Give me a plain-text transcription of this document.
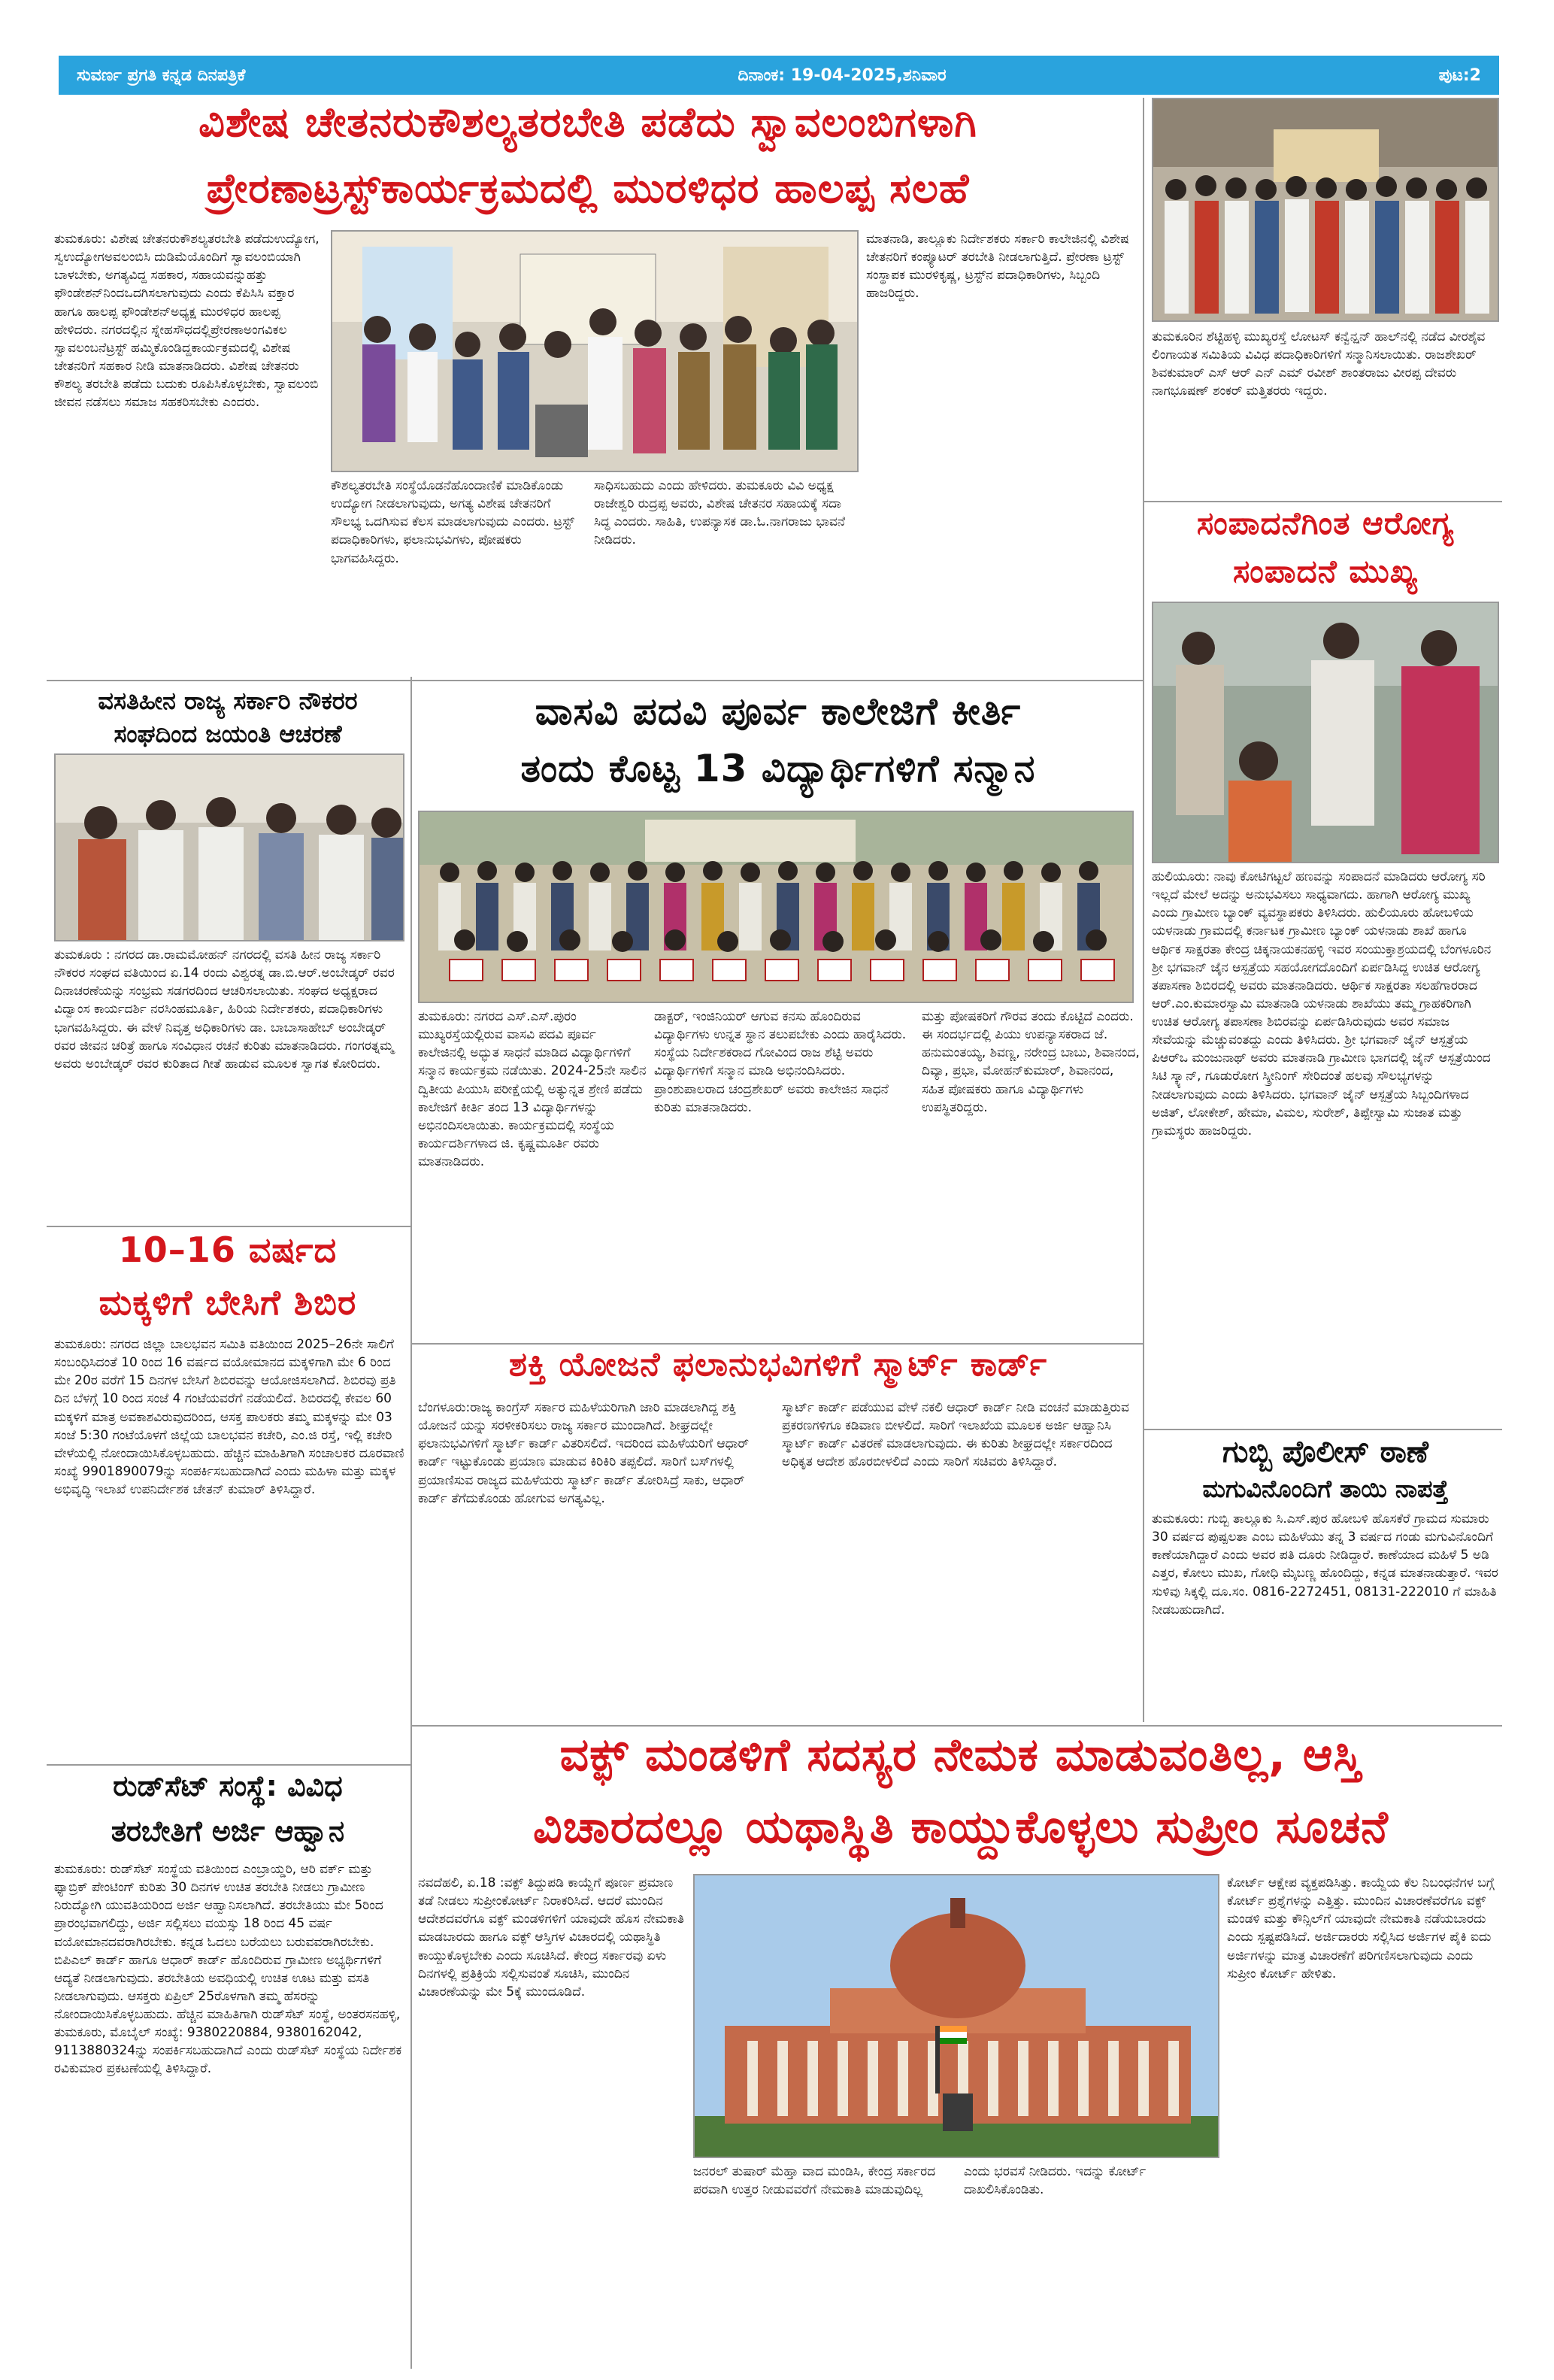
ಸುವರ್ಣ ಪ್ರಗತಿ ಕನ್ನಡ ದಿನಪತ್ರಿಕೆ	ದಿನಾಂಕ: 19-04-2025,ಶನಿವಾರ	ಪುಟ:2
ವಿಶೇಷ ಚೇತನರುಕೌಶಲ್ಯತರಬೇತಿ ಪಡೆದು ಸ್ವಾವಲಂಬಿಗಳಾಗಿ
ಪ್ರೇರಣಾಟ್ರಸ್ಟ್‌ಕಾರ್ಯಕ್ರಮದಲ್ಲಿ ಮುರಳಿಧರ ಹಾಲಪ್ಪ ಸಲಹೆ
ತುಮಕೂರು: ವಿಶೇಷ ಚೇತನರುಕೌಶಲ್ಯತರಬೇತಿ ಪಡೆದುಉದ್ಯೋಗ, ಸ್ವಉದ್ಯೋಗಅವಲಂಬಿಸಿ ದುಡಿಮೆಯೊಂದಿಗೆ ಸ್ವಾವಲಂಬಿಯಾಗಿ ಬಾಳಬೇಕು, ಅಗತ್ಯವಿದ್ದ ಸಹಕಾರ, ಸಹಾಯವನ್ನುಹತ್ತು ಫೌಂಡೇಶನ್‌ನಿಂದಒದಗಿಸಲಾಗುವುದು ಎಂದು ಕೆಪಿಸಿಸಿ ವಕ್ತಾರ ಹಾಗೂ ಹಾಲಪ್ಪ ಫೌಂಡೇಶನ್‌ಅಧ್ಯಕ್ಷ ಮುರಳಿಧರ ಹಾಲಪ್ಪ ಹೇಳಿದರು. ನಗರದಲ್ಲಿನ ಸ್ನೇಹಸೌಧದಲ್ಲಿಪ್ರೇರಣಾಅಂಗವಿಕಲ ಸ್ವಾವಲಂಬನೆಟ್ರಸ್ಟ್‌ ಹಮ್ಮಿಕೊಂಡಿದ್ದಕಾರ್ಯಕ್ರಮದಲ್ಲಿ ವಿಶೇಷ ಚೇತನರಿಗೆ ಸಹಕಾರ ನೀಡಿ ಮಾತನಾಡಿದರು. ವಿಶೇಷ ಚೇತನರು ಕೌಶಲ್ಯ ತರಬೇತಿ ಪಡೆದು ಬದುಕು ರೂಪಿಸಿಕೊಳ್ಳಬೇಕು, ಸ್ವಾವಲಂಬಿ ಜೀವನ ನಡೆಸಲು ಸಮಾಜ ಸಹಕರಿಸಬೇಕು ಎಂದರು.
ಕೌಶಲ್ಯತರಬೇತಿ ಸಂಸ್ಥೆಯೊಡನೆಹೊಂದಾಣಿಕೆ ಮಾಡಿಕೊಂಡು ಉದ್ಯೋಗ ನೀಡಲಾಗುವುದು, ಅಗತ್ಯ ವಿಶೇಷ ಚೇತನರಿಗೆ ಸೌಲಭ್ಯ ಒದಗಿಸುವ ಕೆಲಸ ಮಾಡಲಾಗುವುದು ಎಂದರು. ಟ್ರಸ್ಟ್‌ ಪದಾಧಿಕಾರಿಗಳು, ಫಲಾನುಭವಿಗಳು, ಪೋಷಕರು ಭಾಗವಹಿಸಿದ್ದರು.
ಸಾಧಿಸಬಹುದು ಎಂದು ಹೇಳಿದರು. ತುಮಕೂರು ವಿವಿ ಅಧ್ಯಕ್ಷ ರಾಜೇಶ್ವರಿ ರುದ್ರಪ್ಪ ಅವರು, ವಿಶೇಷ ಚೇತನರ ಸಹಾಯಕ್ಕೆ ಸದಾ ಸಿದ್ಧ ಎಂದರು. ಸಾಹಿತಿ, ಉಪನ್ಯಾಸಕ ಡಾ.ಓ.ನಾಗರಾಜು ಭಾವನೆ ನೀಡಿದರು.
ಮಾತನಾಡಿ, ತಾಲ್ಲೂಕು ನಿರ್ದೇಶಕರು ಸರ್ಕಾರಿ ಕಾಲೇಜಿನಲ್ಲಿ ವಿಶೇಷ ಚೇತನರಿಗೆ ಕಂಪ್ಯೂಟರ್ ತರಬೇತಿ ನೀಡಲಾಗುತ್ತಿದೆ. ಪ್ರೇರಣಾ ಟ್ರಸ್ಟ್ ಸಂಸ್ಥಾಪಕ ಮುರಳಿಕೃಷ್ಣ, ಟ್ರಸ್ಟ್‌ನ ಪದಾಧಿಕಾರಿಗಳು, ಸಿಬ್ಬಂದಿ ಹಾಜರಿದ್ದರು.
ತುಮಕೂರಿನ ಶೆಟ್ಟಿಹಳ್ಳಿ ಮುಖ್ಯರಸ್ತೆ ಲೋಟಸ್ ಕನ್ವೆನ್ಷನ್ ಹಾಲ್‌ನಲ್ಲಿ ನಡೆದ ವೀರಶೈವ ಲಿಂಗಾಯತ ಸಮಿತಿಯ ವಿವಿಧ ಪದಾಧಿಕಾರಿಗಳಿಗೆ ಸನ್ಮಾನಿಸಲಾಯಿತು. ರಾಜಶೇಖರ್ ಶಿವಕುಮಾರ್ ಎಸ್ ಆರ್ ಎನ್ ಎಮ್ ರವೀಶ್ ಶಾಂತರಾಜು ವೀರಪ್ಪ ದೇವರು ನಾಗಭೂಷಣ್ ಶಂಕರ್ ಮತ್ತಿತರರು ಇದ್ದರು.
ಸಂಪಾದನೆಗಿಂತ ಆರೋಗ್ಯ
ಸಂಪಾದನೆ ಮುಖ್ಯ
ಹುಲಿಯೂರು: ನಾವು ಕೋಟಿಗಟ್ಟಲೆ ಹಣವನ್ನು ಸಂಪಾದನೆ ಮಾಡಿದರು ಆರೋಗ್ಯ ಸರಿ ಇಲ್ಲದೆ ಮೇಲೆ ಅದನ್ನು ಅನುಭವಿಸಲು ಸಾಧ್ಯವಾಗದು. ಹಾಗಾಗಿ ಆರೋಗ್ಯ ಮುಖ್ಯ ಎಂದು ಗ್ರಾಮೀಣ ಬ್ಯಾಂಕ್ ವ್ಯವಸ್ಥಾಪಕರು ತಿಳಿಸಿದರು. ಹುಲಿಯೂರು ಹೋಬಳಿಯ ಯಳನಾಡು ಗ್ರಾಮದಲ್ಲಿ ಕರ್ನಾಟಕ ಗ್ರಾಮೀಣ ಬ್ಯಾಂಕ್ ಯಳನಾಡು ಶಾಖೆ ಹಾಗೂ ಆರ್ಥಿಕ ಸಾಕ್ಷರತಾ ಕೇಂದ್ರ ಚಿಕ್ಕನಾಯಕನಹಳ್ಳಿ ಇವರ ಸಂಯುಕ್ತಾಶ್ರಯದಲ್ಲಿ ಬೆಂಗಳೂರಿನ ಶ್ರೀ ಭಗವಾನ್ ಜೈನ ಆಸ್ಪತ್ರೆಯ ಸಹಯೋಗದೊಂದಿಗೆ ಏರ್ಪಡಿಸಿದ್ದ ಉಚಿತ ಆರೋಗ್ಯ ತಪಾಸಣಾ ಶಿಬಿರದಲ್ಲಿ ಅವರು ಮಾತನಾಡಿದರು. ಆರ್ಥಿಕ ಸಾಕ್ಷರತಾ ಸಲಹೆಗಾರರಾದ ಆರ್.ಎಂ.ಕುಮಾರಸ್ವಾಮಿ ಮಾತನಾಡಿ ಯಳನಾಡು ಶಾಖೆಯು ತಮ್ಮ ಗ್ರಾಹಕರಿಗಾಗಿ ಉಚಿತ ಆರೋಗ್ಯ ತಪಾಸಣಾ ಶಿಬಿರವನ್ನು ಏರ್ಪಡಿಸಿರುವುದು ಅವರ ಸಮಾಜ ಸೇವೆಯನ್ನು ಮೆಚ್ಚುವಂತದ್ದು ಎಂದು ತಿಳಿಸಿದರು. ಶ್ರೀ ಭಗವಾನ್ ಜೈನ್ ಆಸ್ಪತ್ರೆಯ ಪಿಆರ್‌ಒ ಮಂಜುನಾಥ್ ಅವರು ಮಾತನಾಡಿ ಗ್ರಾಮೀಣ ಭಾಗದಲ್ಲಿ ಜೈನ್ ಆಸ್ಪತ್ರೆಯಿಂದ ಸಿಟಿ ಸ್ಕ್ಯಾನ್, ಗೂಡುರೋಗ ಸ್ಕ್ರೀನಿಂಗ್ ಸೇರಿದಂತೆ ಹಲವು ಸೌಲಭ್ಯಗಳನ್ನು ನೀಡಲಾಗುವುದು ಎಂದು ತಿಳಿಸಿದರು. ಭಗವಾನ್ ಜೈನ್ ಆಸ್ಪತ್ರೆಯ ಸಿಬ್ಬಂದಿಗಳಾದ ಅಜಿತ್, ಲೋಕೇಶ್, ಹೇಮಾ, ವಿಮಲ, ಸುರೇಶ್, ತಿಪ್ಪೇಸ್ವಾಮಿ ಸುಜಾತ ಮತ್ತು ಗ್ರಾಮಸ್ಥರು ಹಾಜರಿದ್ದರು.
ಗುಬ್ಬಿ ಪೊಲೀಸ್ ಠಾಣೆ
ಮಗುವಿನೊಂದಿಗೆ ತಾಯಿ ನಾಪತ್ತೆ
ತುಮಕೂರು: ಗುಬ್ಬಿ ತಾಲ್ಲೂಕು ಸಿ.ಎಸ್.ಪುರ ಹೋಬಳಿ ಹೊಸಕೆರೆ ಗ್ರಾಮದ ಸುಮಾರು 30 ವರ್ಷದ ಪುಷ್ಪಲತಾ ಎಂಬ ಮಹಿಳೆಯು ತನ್ನ 3 ವರ್ಷದ ಗಂಡು ಮಗುವಿನೊಂದಿಗೆ ಕಾಣೆಯಾಗಿದ್ದಾರೆ ಎಂದು ಅವರ ಪತಿ ದೂರು ನೀಡಿದ್ದಾರೆ. ಕಾಣೆಯಾದ ಮಹಿಳೆ 5 ಅಡಿ ಎತ್ತರ, ಕೋಲು ಮುಖ, ಗೋಧಿ ಮೈಬಣ್ಣ ಹೊಂದಿದ್ದು, ಕನ್ನಡ ಮಾತನಾಡುತ್ತಾರೆ. ಇವರ ಸುಳಿವು ಸಿಕ್ಕಲ್ಲಿ ದೂ.ಸಂ. 0816-2272451, 08131-222010 ಗೆ ಮಾಹಿತಿ ನೀಡಬಹುದಾಗಿದೆ.
ವಸತಿಹೀನ ರಾಜ್ಯ ಸರ್ಕಾರಿ ನೌಕರರ
ಸಂಘದಿಂದ ಜಯಂತಿ ಆಚರಣೆ
ತುಮಕೂರು : ನಗರದ ಡಾ.ರಾಮಮೋಹನ್ ನಗರದಲ್ಲಿ ವಸತಿ ಹೀನ ರಾಜ್ಯ ಸರ್ಕಾರಿ ನೌಕರರ ಸಂಘದ ವತಿಯಿಂದ ಏ.14 ರಂದು ವಿಶ್ವರತ್ನ ಡಾ.ಬಿ.ಆರ್.ಅಂಬೇಡ್ಕರ್ ರವರ ದಿನಾಚರಣೆಯನ್ನು ಸಂಭ್ರಮ ಸಡಗರದಿಂದ ಆಚರಿಸಲಾಯಿತು. ಸಂಘದ ಅಧ್ಯಕ್ಷರಾದ ವಿದ್ವಾಂಸ ಕಾರ್ಯದರ್ಶಿ ನರಸಿಂಹಮೂರ್ತಿ, ಹಿರಿಯ ನಿರ್ದೇಶಕರು, ಪದಾಧಿಕಾರಿಗಳು ಭಾಗವಹಿಸಿದ್ದರು. ಈ ವೇಳೆ ನಿವೃತ್ತ ಅಧಿಕಾರಿಗಳು ಡಾ. ಬಾಬಾಸಾಹೇಬ್ ಅಂಬೇಡ್ಕರ್ ರವರ ಜೀವನ ಚರಿತ್ರೆ ಹಾಗೂ ಸಂವಿಧಾನ ರಚನೆ ಕುರಿತು ಮಾತನಾಡಿದರು. ಗಂಗರತ್ನಮ್ಮ ಅವರು ಅಂಬೇಡ್ಕರ್ ರವರ ಕುರಿತಾದ ಗೀತೆ ಹಾಡುವ ಮೂಲಕ ಸ್ವಾಗತ ಕೋರಿದರು.
ವಾಸವಿ ಪದವಿ ಪೂರ್ವ ಕಾಲೇಜಿಗೆ ಕೀರ್ತಿ
ತಂದು ಕೊಟ್ಟ 13 ವಿದ್ಯಾರ್ಥಿಗಳಿಗೆ ಸನ್ಮಾನ
ತುಮಕೂರು: ನಗರದ ಎಸ್.ಎಸ್.ಪುರಂ ಮುಖ್ಯರಸ್ತೆಯಲ್ಲಿರುವ ವಾಸವಿ ಪದವಿ ಪೂರ್ವ ಕಾಲೇಜಿನಲ್ಲಿ ಅದ್ಭುತ ಸಾಧನೆ ಮಾಡಿದ ವಿದ್ಯಾರ್ಥಿಗಳಿಗೆ ಸನ್ಮಾನ ಕಾರ್ಯಕ್ರಮ ನಡೆಯಿತು. 2024-25ನೇ ಸಾಲಿನ ದ್ವಿತೀಯ ಪಿಯುಸಿ ಪರೀಕ್ಷೆಯಲ್ಲಿ ಅತ್ಯುನ್ನತ ಶ್ರೇಣಿ ಪಡೆದು ಕಾಲೇಜಿಗೆ ಕೀರ್ತಿ ತಂದ 13 ವಿದ್ಯಾರ್ಥಿಗಳನ್ನು ಅಭಿನಂದಿಸಲಾಯಿತು. ಕಾರ್ಯಕ್ರಮದಲ್ಲಿ ಸಂಸ್ಥೆಯ ಕಾರ್ಯದರ್ಶಿಗಳಾದ ಜಿ. ಕೃಷ್ಣಮೂರ್ತಿ ರವರು ಮಾತನಾಡಿದರು.
ಡಾಕ್ಟರ್, ಇಂಜಿನಿಯರ್ ಆಗುವ ಕನಸು ಹೊಂದಿರುವ ವಿದ್ಯಾರ್ಥಿಗಳು ಉನ್ನತ ಸ್ಥಾನ ತಲುಪಬೇಕು ಎಂದು ಹಾರೈಸಿದರು. ಸಂಸ್ಥೆಯ ನಿರ್ದೇಶಕರಾದ ಗೋವಿಂದ ರಾಜ ಶೆಟ್ಟಿ ಅವರು ವಿದ್ಯಾರ್ಥಿಗಳಿಗೆ ಸನ್ಮಾನ ಮಾಡಿ ಅಭಿನಂದಿಸಿದರು. ಪ್ರಾಂಶುಪಾಲರಾದ ಚಂದ್ರಶೇಖರ್ ಅವರು ಕಾಲೇಜಿನ ಸಾಧನೆ ಕುರಿತು ಮಾತನಾಡಿದರು.
ಮತ್ತು ಪೋಷಕರಿಗೆ ಗೌರವ ತಂದು ಕೊಟ್ಟಿದೆ ಎಂದರು. ಈ ಸಂದರ್ಭದಲ್ಲಿ ಪಿಯು ಉಪನ್ಯಾಸಕರಾದ ಜೆ. ಹನುಮಂತಯ್ಯ, ಶಿವಣ್ಣ, ನರೇಂದ್ರ ಬಾಬು, ಶಿವಾನಂದ, ದಿವ್ಯಾ, ಪ್ರಭಾ, ಮೋಹನ್‌ಕುಮಾರ್, ಶಿವಾನಂದ, ಸಹಿತ ಪೋಷಕರು ಹಾಗೂ ವಿದ್ಯಾರ್ಥಿಗಳು ಉಪಸ್ಥಿತರಿದ್ದರು.
10–16 ವರ್ಷದ
ಮಕ್ಕಳಿಗೆ ಬೇಸಿಗೆ ಶಿಬಿರ
ತುಮಕೂರು: ನಗರದ ಜಿಲ್ಲಾ ಬಾಲಭವನ ಸಮಿತಿ ವತಿಯಿಂದ 2025–26ನೇ ಸಾಲಿಗೆ ಸಂಬಂಧಿಸಿದಂತೆ 10 ರಿಂದ 16 ವರ್ಷದ ವಯೋಮಾನದ ಮಕ್ಕಳಿಗಾಗಿ ಮೇ 6 ರಿಂದ ಮೇ 20ರ ವರೆಗೆ 15 ದಿನಗಳ ಬೇಸಿಗೆ ಶಿಬಿರವನ್ನು ಆಯೋಜಿಸಲಾಗಿದೆ. ಶಿಬಿರವು ಪ್ರತಿ ದಿನ ಬೆಳಗ್ಗೆ 10 ರಿಂದ ಸಂಜೆ 4 ಗಂಟೆಯವರೆಗೆ ನಡೆಯಲಿದೆ. ಶಿಬಿರದಲ್ಲಿ ಕೇವಲ 60 ಮಕ್ಕಳಿಗೆ ಮಾತ್ರ ಅವಕಾಶವಿರುವುದರಿಂದ, ಆಸಕ್ತ ಪಾಲಕರು ತಮ್ಮ ಮಕ್ಕಳನ್ನು ಮೇ 03 ಸಂಜೆ 5:30 ಗಂಟೆಯೊಳಗೆ ಜಿಲ್ಲೆಯ ಬಾಲಭವನ ಕಚೇರಿ, ಎಂ.ಜಿ ರಸ್ತೆ, ಇಲ್ಲಿ ಕಚೇರಿ ವೇಳೆಯಲ್ಲಿ ನೋಂದಾಯಿಸಿಕೊಳ್ಳಬಹುದು. ಹೆಚ್ಚಿನ ಮಾಹಿತಿಗಾಗಿ ಸಂಚಾಲಕರ ದೂರವಾಣಿ ಸಂಖ್ಯೆ 9901890079ನ್ನು ಸಂಪರ್ಕಿಸಬಹುದಾಗಿದೆ ಎಂದು ಮಹಿಳಾ ಮತ್ತು ಮಕ್ಕಳ ಅಭಿವೃದ್ಧಿ ಇಲಾಖೆ ಉಪನಿರ್ದೇಶಕ ಚೇತನ್ ಕುಮಾರ್ ತಿಳಿಸಿದ್ದಾರೆ.
ಶಕ್ತಿ ಯೋಜನೆ ಫಲಾನುಭವಿಗಳಿಗೆ ಸ್ಮಾರ್ಟ್ ಕಾರ್ಡ್
ಬೆಂಗಳೂರು:ರಾಜ್ಯ ಕಾಂಗ್ರೆಸ್ ಸರ್ಕಾರ ಮಹಿಳೆಯರಿಗಾಗಿ ಜಾರಿ ಮಾಡಲಾಗಿದ್ದ ಶಕ್ತಿ ಯೋಜನೆ ಯನ್ನು ಸರಳೀಕರಿಸಲು ರಾಜ್ಯ ಸರ್ಕಾರ ಮುಂದಾಗಿದೆ. ಶೀಘ್ರದಲ್ಲೇ ಫಲಾನುಭವಿಗಳಿಗೆ ಸ್ಮಾರ್ಟ್ ಕಾರ್ಡ್ ವಿತರಿಸಲಿದೆ. ಇದರಿಂದ ಮಹಿಳೆಯರಿಗೆ ಆಧಾರ್ ಕಾರ್ಡ್ ಇಟ್ಟುಕೊಂಡು ಪ್ರಯಾಣ ಮಾಡುವ ಕಿರಿಕಿರಿ ತಪ್ಪಲಿದೆ. ಸಾರಿಗೆ ಬಸ್‌ಗಳಲ್ಲಿ ಪ್ರಯಾಣಿಸುವ ರಾಜ್ಯದ ಮಹಿಳೆಯರು ಸ್ಮಾರ್ಟ್ ಕಾರ್ಡ್ ತೋರಿಸಿದ್ರೆ ಸಾಕು, ಆಧಾರ್ ಕಾರ್ಡ್ ತೆಗೆದುಕೊಂಡು ಹೋಗುವ ಅಗತ್ಯವಿಲ್ಲ.
ಸ್ಮಾರ್ಟ್ ಕಾರ್ಡ್ ಪಡೆಯುವ ವೇಳೆ ನಕಲಿ ಆಧಾರ್ ಕಾರ್ಡ್ ನೀಡಿ ವಂಚನೆ ಮಾಡುತ್ತಿರುವ ಪ್ರಕರಣಗಳಿಗೂ ಕಡಿವಾಣ ಬೀಳಲಿದೆ. ಸಾರಿಗೆ ಇಲಾಖೆಯ ಮೂಲಕ ಅರ್ಜಿ ಆಹ್ವಾನಿಸಿ ಸ್ಮಾರ್ಟ್ ಕಾರ್ಡ್ ವಿತರಣೆ ಮಾಡಲಾಗುವುದು. ಈ ಕುರಿತು ಶೀಘ್ರದಲ್ಲೇ ಸರ್ಕಾರದಿಂದ ಅಧಿಕೃತ ಆದೇಶ ಹೊರಬೀಳಲಿದೆ ಎಂದು ಸಾರಿಗೆ ಸಚಿವರು ತಿಳಿಸಿದ್ದಾರೆ.
ರುಡ್‌ಸೆಟ್ ಸಂಸ್ಥೆ: ವಿವಿಧ
ತರಬೇತಿಗೆ ಅರ್ಜಿ ಆಹ್ವಾನ
ತುಮಕೂರು: ರುಡ್‌ಸೆಟ್ ಸಂಸ್ಥೆಯ ವತಿಯಿಂದ ಎಂಬ್ರಾಯ್ಡರಿ, ಆರಿ ವರ್ಕ್ ಮತ್ತು ಫ್ಯಾಬ್ರಿಕ್ ಪೇಂಟಿಂಗ್ ಕುರಿತು 30 ದಿನಗಳ ಉಚಿತ ತರಬೇತಿ ನೀಡಲು ಗ್ರಾಮೀಣ ನಿರುದ್ಯೋಗಿ ಯುವತಿಯರಿಂದ ಅರ್ಜಿ ಆಹ್ವಾನಿಸಲಾಗಿದೆ. ತರಬೇತಿಯು ಮೇ 5ರಿಂದ ಪ್ರಾರಂಭವಾಗಲಿದ್ದು, ಅರ್ಜಿ ಸಲ್ಲಿಸಲು ವಯಸ್ಸು 18 ರಿಂದ 45 ವರ್ಷ ವಯೋಮಾನದವರಾಗಿರಬೇಕು. ಕನ್ನಡ ಓದಲು ಬರೆಯಲು ಬರುವವರಾಗಿರಬೇಕು. ಬಿಪಿಎಲ್ ಕಾರ್ಡ್ ಹಾಗೂ ಆಧಾರ್ ಕಾರ್ಡ್ ಹೊಂದಿರುವ ಗ್ರಾಮೀಣ ಅಭ್ಯರ್ಥಿಗಳಿಗೆ ಆದ್ಯತೆ ನೀಡಲಾಗುವುದು. ತರಬೇತಿಯ ಅವಧಿಯಲ್ಲಿ ಉಚಿತ ಊಟ ಮತ್ತು ವಸತಿ ನೀಡಲಾಗುವುದು. ಆಸಕ್ತರು ಏಪ್ರಿಲ್ 25ರೊಳಗಾಗಿ ತಮ್ಮ ಹೆಸರನ್ನು ನೋಂದಾಯಿಸಿಕೊಳ್ಳಬಹುದು. ಹೆಚ್ಚಿನ ಮಾಹಿತಿಗಾಗಿ ರುಡ್‌ಸೆಟ್ ಸಂಸ್ಥೆ, ಅಂತರಸನಹಳ್ಳಿ, ತುಮಕೂರು, ಮೊಬೈಲ್ ಸಂಖ್ಯೆ: 9380220884, 9380162042, 9113880324ನ್ನು ಸಂಪರ್ಕಿಸಬಹುದಾಗಿದೆ ಎಂದು ರುಡ್‌ಸೆಟ್ ಸಂಸ್ಥೆಯ ನಿರ್ದೇಶಕ ರವಿಕುಮಾರ ಪ್ರಕಟಣೆಯಲ್ಲಿ ತಿಳಿಸಿದ್ದಾರೆ.
ವಕ್ಫ್ ಮಂಡಳಿಗೆ ಸದಸ್ಯರ ನೇಮಕ ಮಾಡುವಂತಿಲ್ಲ, ಆಸ್ತಿ
ವಿಚಾರದಲ್ಲೂ ಯಥಾಸ್ಥಿತಿ ಕಾಯ್ದುಕೊಳ್ಳಲು ಸುಪ್ರೀಂ ಸೂಚನೆ
ನವದೆಹಲಿ, ಏ.18 :ವಕ್ಫ್ ತಿದ್ದುಪಡಿ ಕಾಯ್ದೆಗೆ ಪೂರ್ಣ ಪ್ರಮಾಣ ತಡೆ ನೀಡಲು ಸುಪ್ರೀಂಕೋರ್ಟ್ ನಿರಾಕರಿಸಿದೆ. ಆದರೆ ಮುಂದಿನ ಆದೇಶದವರೆಗೂ ವಕ್ಫ್ ಮಂಡಳಿಗಳಿಗೆ ಯಾವುದೇ ಹೊಸ ನೇಮಕಾತಿ ಮಾಡಬಾರದು ಹಾಗೂ ವಕ್ಫ್ ಆಸ್ತಿಗಳ ವಿಚಾರದಲ್ಲಿ ಯಥಾಸ್ಥಿತಿ ಕಾಯ್ದುಕೊಳ್ಳಬೇಕು ಎಂದು ಸೂಚಿಸಿದೆ. ಕೇಂದ್ರ ಸರ್ಕಾರವು ಏಳು ದಿನಗಳಲ್ಲಿ ಪ್ರತಿಕ್ರಿಯೆ ಸಲ್ಲಿಸುವಂತೆ ಸೂಚಿಸಿ, ಮುಂದಿನ ವಿಚಾರಣೆಯನ್ನು ಮೇ 5ಕ್ಕೆ ಮುಂದೂಡಿದೆ.
ಜನರಲ್ ತುಷಾರ್ ಮೆಹ್ತಾ ವಾದ ಮಂಡಿಸಿ, ಕೇಂದ್ರ ಸರ್ಕಾರದ ಪರವಾಗಿ ಉತ್ತರ ನೀಡುವವರೆಗೆ ನೇಮಕಾತಿ ಮಾಡುವುದಿಲ್ಲ ಎಂದು ಭರವಸೆ ನೀಡಿದರು. ಇದನ್ನು ಕೋರ್ಟ್ ದಾಖಲಿಸಿಕೊಂಡಿತು.
ಕೋರ್ಟ್ ಆಕ್ಷೇಪ ವ್ಯಕ್ತಪಡಿಸಿತ್ತು. ಕಾಯ್ದೆಯ ಕೆಲ ನಿಬಂಧನೆಗಳ ಬಗ್ಗೆ ಕೋರ್ಟ್ ಪ್ರಶ್ನೆಗಳನ್ನು ಎತ್ತಿತ್ತು. ಮುಂದಿನ ವಿಚಾರಣೆವರೆಗೂ ವಕ್ಫ್ ಮಂಡಳಿ ಮತ್ತು ಕೌನ್ಸಿಲ್‌ಗೆ ಯಾವುದೇ ನೇಮಕಾತಿ ನಡೆಯಬಾರದು ಎಂದು ಸ್ಪಷ್ಟಪಡಿಸಿದೆ. ಅರ್ಜಿದಾರರು ಸಲ್ಲಿಸಿದ ಅರ್ಜಿಗಳ ಪೈಕಿ ಐದು ಅರ್ಜಿಗಳನ್ನು ಮಾತ್ರ ವಿಚಾರಣೆಗೆ ಪರಿಗಣಿಸಲಾಗುವುದು ಎಂದು ಸುಪ್ರೀಂ ಕೋರ್ಟ್ ಹೇಳಿತು.
